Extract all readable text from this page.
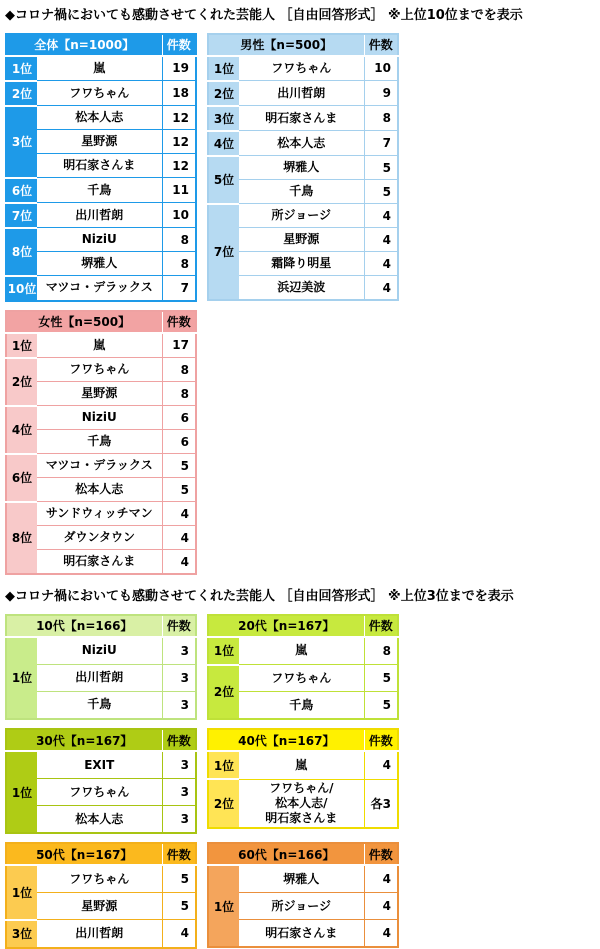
◆コロナ禍においても感動させてくれた芸能人 ［自由回答形式］ ※上位10位までを表示
全体【n=1000】		件数
1位	嵐	19
2位	フワちゃん	18
3位	松本人志	12
	星野源	12
	明石家さんま	12
6位	千鳥	11
7位	出川哲朗	10
8位	NiziU	8
	堺雅人	8
10位	マツコ・デラックス	7
男性【n=500】		件数
1位	フワちゃん	10
2位	出川哲朗	9
3位	明石家さんま	8
4位	松本人志	7
5位	堺雅人	5
	千鳥	5
7位	所ジョージ	4
	星野源	4
	霜降り明星	4
	浜辺美波	4
女性【n=500】		件数
1位	嵐	17
2位	フワちゃん	8
	星野源	8
4位	NiziU	6
	千鳥	6
6位	マツコ・デラックス	5
	松本人志	5
8位	サンドウィッチマン	4
	ダウンタウン	4
	明石家さんま	4
◆コロナ禍においても感動させてくれた芸能人 ［自由回答形式］ ※上位3位までを表示
10代【n=166】		件数
1位	NiziU	3
	出川哲朗	3
	千鳥	3
20代【n=167】		件数
1位	嵐	8
2位	フワちゃん	5
	千鳥	5
30代【n=167】		件数
1位	EXIT	3
	フワちゃん	3
	松本人志	3
40代【n=167】		件数
1位	嵐	4
2位	フワちゃん/
松本人志/
明石家さんま	各3
50代【n=167】		件数
1位	フワちゃん	5
	星野源	5
3位	出川哲朗	4
60代【n=166】		件数
1位	堺雅人	4
	所ジョージ	4
	明石家さんま	4
